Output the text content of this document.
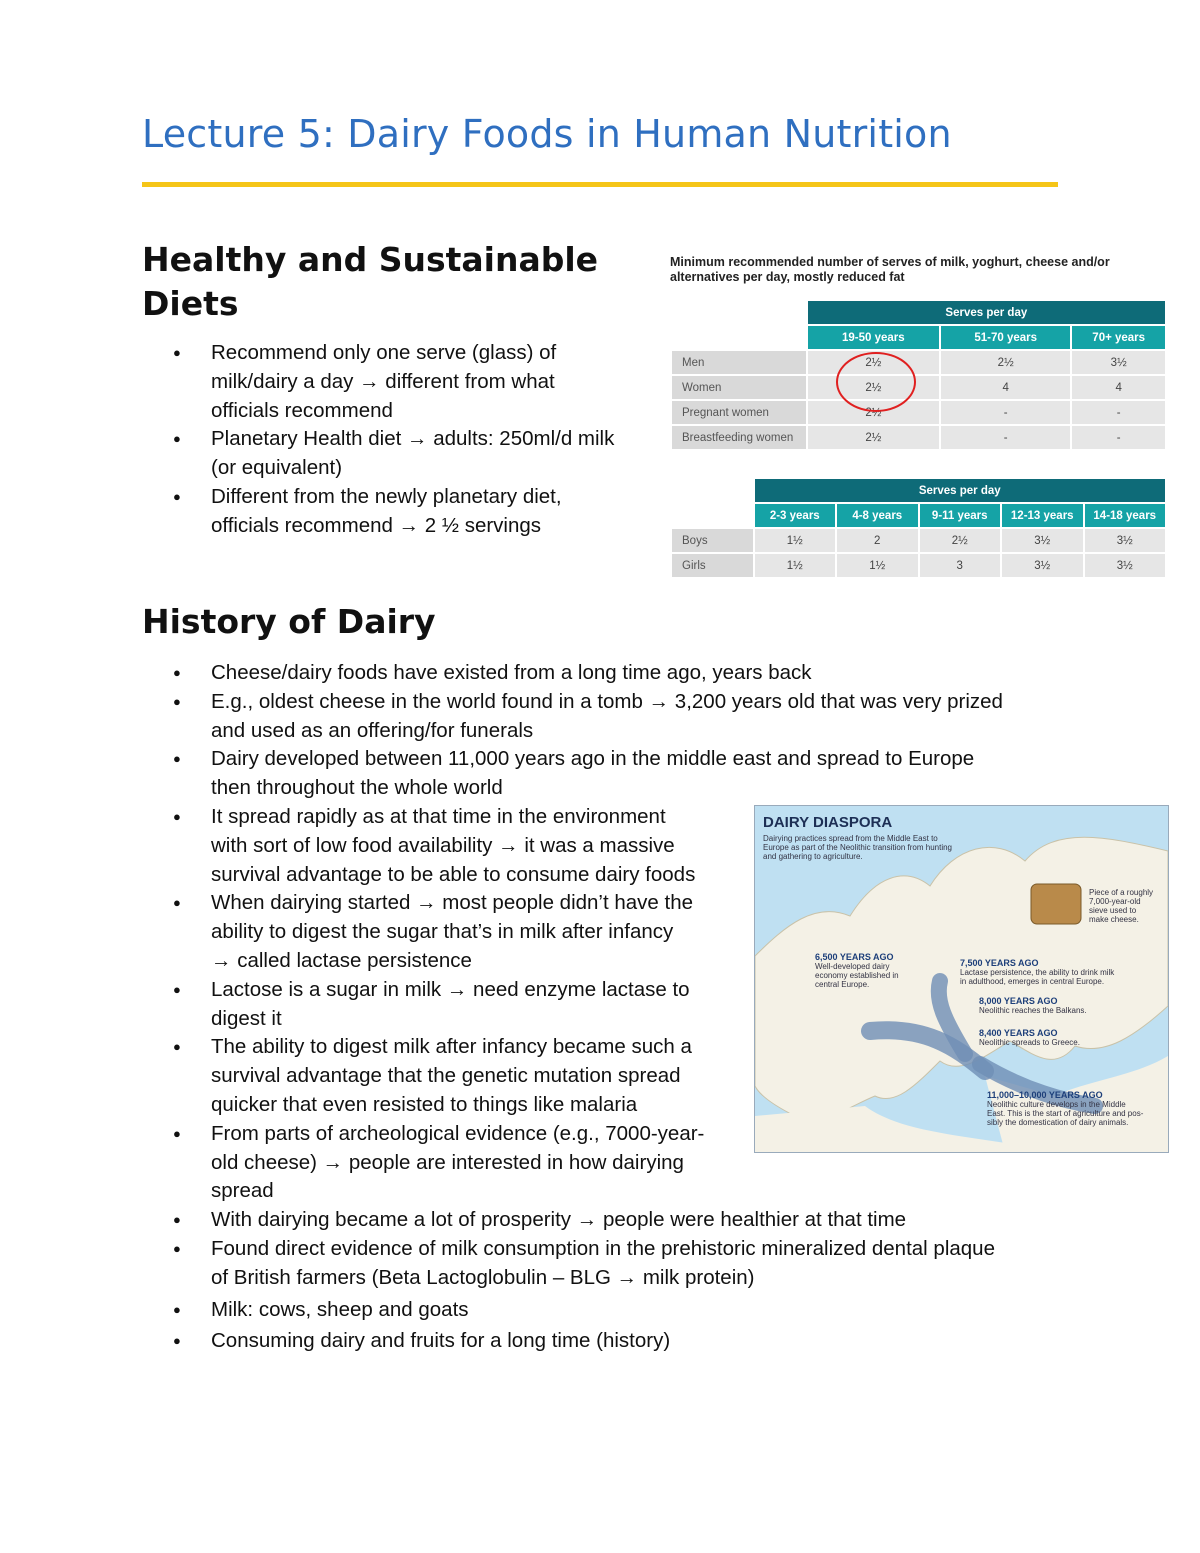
Lecture 5: Dairy Foods in Human Nutrition
Healthy and Sustainable
Diets
● Recommend only one serve (glass) of
milk/dairy a day → different from what
officials recommend
● Planetary Health diet → adults: 250ml/d milk
(or equivalent)
● Different from the newly planetary diet,
officials recommend → 2 ½ servings
Minimum recommended number of serves of milk, yoghurt, cheese and/or
alternatives per day, mostly reduced fat
	Serves per day		
	19-50 years	51-70 years	70+ years
Men	2½	2½	3½
Women	2½	4	4
Pregnant women	2½	-	-
Breastfeeding women	2½	-	-
	Serves per day				
	2-3 years	4-8 years	9-11 years	12-13 years	14-18 years
Boys	1½	2	2½	3½	3½
Girls	1½	1½	3	3½	3½
History of Dairy
● Cheese/dairy foods have existed from a long time ago, years back
● E.g., oldest cheese in the world found in a tomb → 3,200 years old that was very prized
and used as an offering/for funerals
● Dairy developed between 11,000 years ago in the middle east and spread to Europe
then throughout the whole world
● It spread rapidly as at that time in the environment
with sort of low food availability → it was a massive
survival advantage to be able to consume dairy foods
● When dairying started → most people didn’t have the
ability to digest the sugar that’s in milk after infancy
→ called lactase persistence
● Lactose is a sugar in milk → need enzyme lactase to
digest it
● The ability to digest milk after infancy became such a
survival advantage that the genetic mutation spread
quicker that even resisted to things like malaria
● From parts of archeological evidence (e.g., 7000-year-
old cheese) → people are interested in how dairying
spread
● With dairying became a lot of prosperity → people were healthier at that time
● Found direct evidence of milk consumption in the prehistoric mineralized dental plaque
of British farmers (Beta Lactoglobulin – BLG → milk protein)
● Milk: cows, sheep and goats
● Consuming dairy and fruits for a long time (history)
DAIRY DIASPORA
Dairying practices spread from the Middle East to
Europe as part of the Neolithic transition from hunting
and gathering to agriculture.
Piece of a roughly
7,000-year-old
sieve used to
make cheese.
6,500 YEARS AGO
Well-developed dairy
economy established in
central Europe.
7,500 YEARS AGO
Lactase persistence, the ability to drink milk
in adulthood, emerges in central Europe.
8,000 YEARS AGO
Neolithic reaches the Balkans.
8,400 YEARS AGO
Neolithic spreads to Greece.
11,000–10,000 YEARS AGO
Neolithic culture develops in the Middle
East. This is the start of agriculture and pos-
sibly the domestication of dairy animals.
